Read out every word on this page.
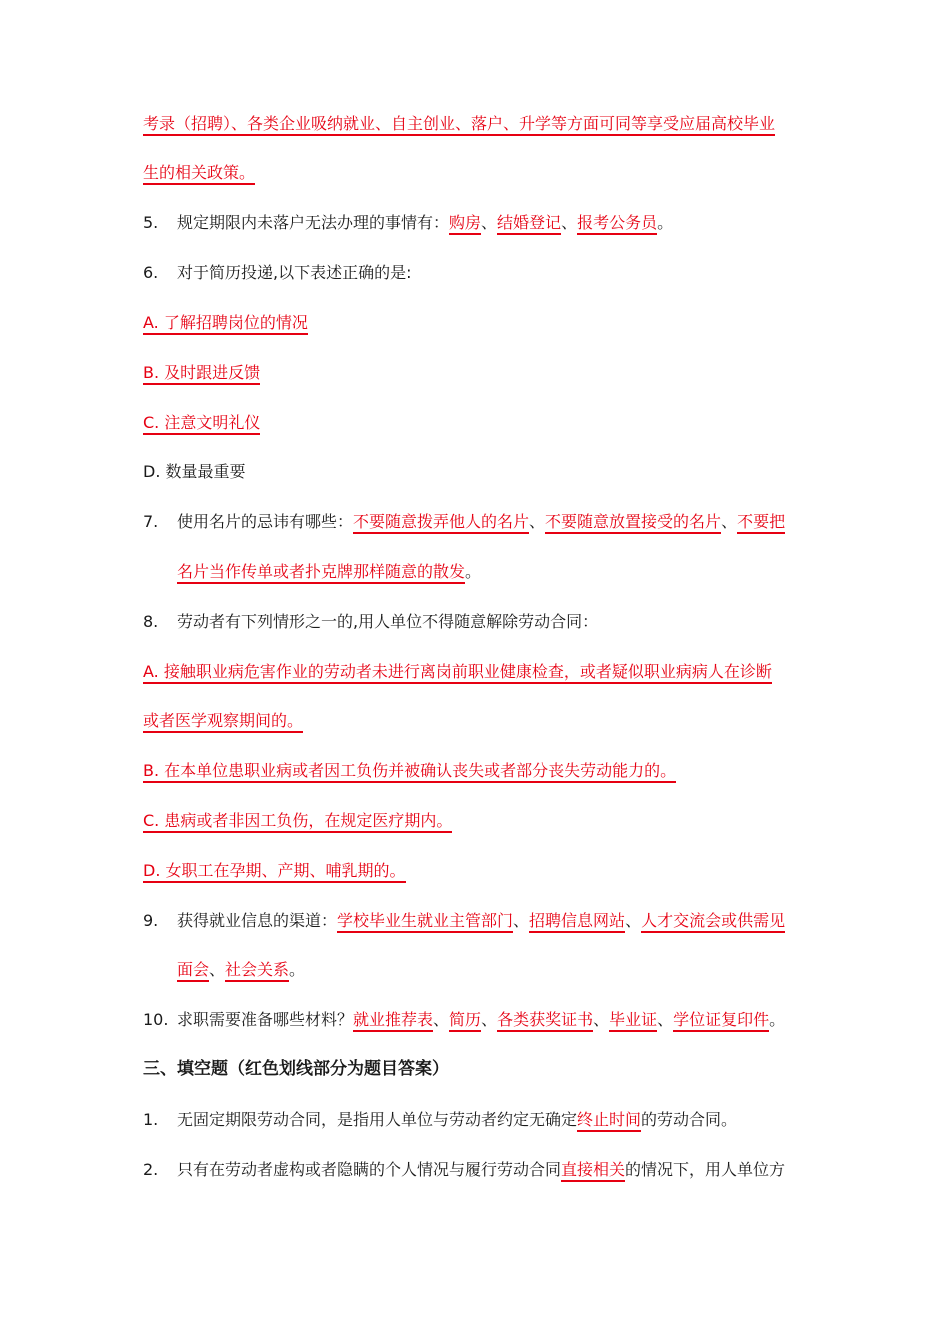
考录（招聘）、各类企业吸纳就业、自主创业、落户、升学等方面可同等享受应届高校毕业
生的相关政策。
5. 规定期限内未落户无法办理的事情有：购房、结婚登记、报考公务员。
6. 对于简历投递,以下表述正确的是:
A. 了解招聘岗位的情况
B. 及时跟进反馈
C. 注意文明礼仪
D. 数量最重要
7. 使用名片的忌讳有哪些：不要随意拨弄他人的名片、不要随意放置接受的名片、不要把
名片当作传单或者扑克牌那样随意的散发。
8. 劳动者有下列情形之一的,用人单位不得随意解除劳动合同：
A. 接触职业病危害作业的劳动者未进行离岗前职业健康检查，或者疑似职业病病人在诊断
或者医学观察期间的。
B. 在本单位患职业病或者因工负伤并被确认丧失或者部分丧失劳动能力的。
C. 患病或者非因工负伤，在规定医疗期内。
D. 女职工在孕期、产期、哺乳期的。
9. 获得就业信息的渠道：学校毕业生就业主管部门、招聘信息网站、人才交流会或供需见
面会、社会关系。
10. 求职需要准备哪些材料？就业推荐表、简历、各类获奖证书、毕业证、学位证复印件。
三、填空题（红色划线部分为题目答案）
1. 无固定期限劳动合同，是指用人单位与劳动者约定无确定终止时间的劳动合同。
2. 只有在劳动者虚构或者隐瞒的个人情况与履行劳动合同直接相关的情况下，用人单位方
